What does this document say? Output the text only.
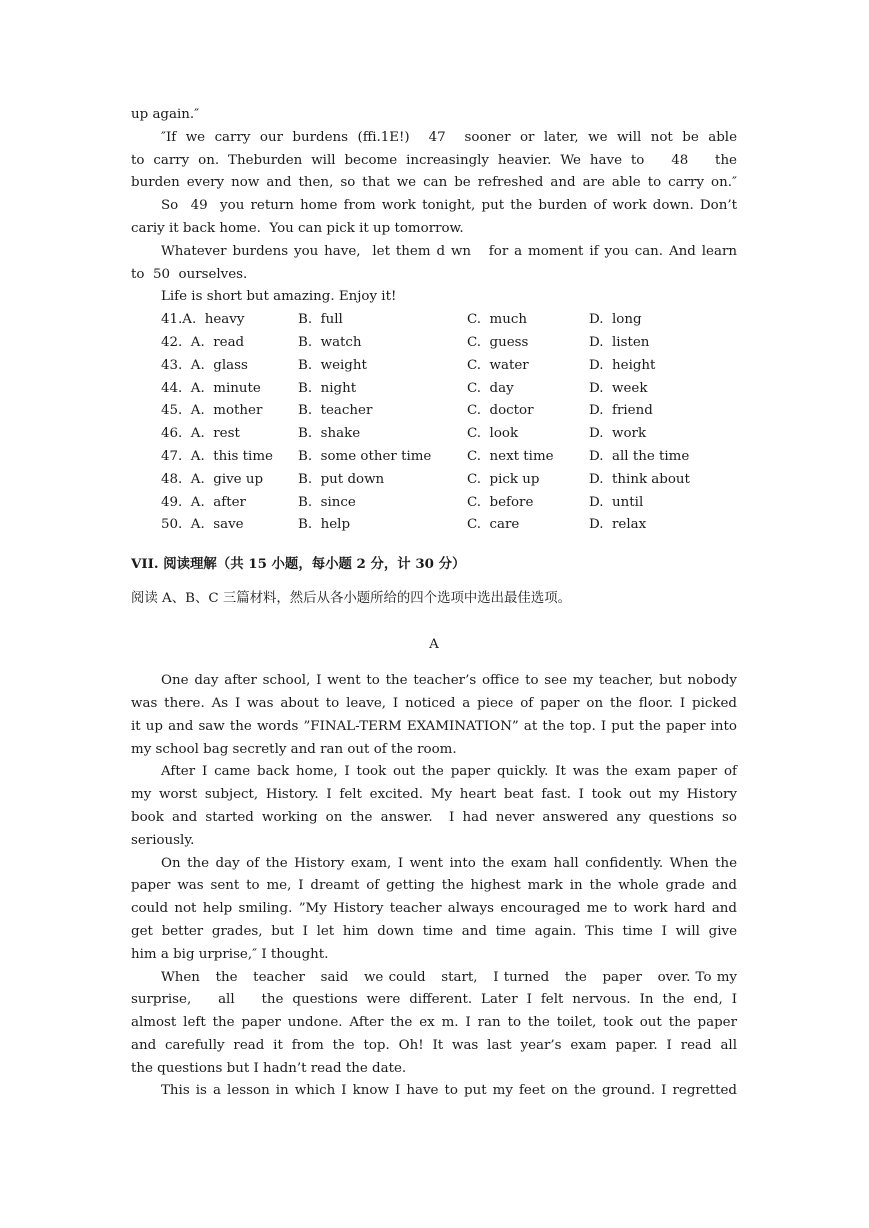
up again.″
″If we carry our burdens (ffi.1E!)  47  sooner or later, we will not be able
to carry on. Theburden will become increasingly heavier. We have to   48   the
burden every now and then, so that we can be refreshed and are able to carry on.″
So  49  you return home from work tonight, put the burden of work down. Don’t
cariy it back home.  You can pick it up tomorrow.
Whatever burdens you have,  let them d wn   for a moment if you can. And learn
to  50  ourselves.
Life is short but amazing. Enjoy it!
41.A.  heavy	B.  full	C.  much	D.  long
42.  A.  read	B.  watch	C.  guess	D.  listen
43.  A.  glass	B.  weight	C.  water	D.  height
44.  A.  minute	B.  night	C.  day	D.  week
45.  A.  mother	B.  teacher	C.  doctor	D.  friend
46.  A.  rest	B.  shake	C.  look	D.  work
47.  A.  this time B.  some other time	C.  next time	D.  all the time
48.  A.  give up	B.  put down	C.  pick up	D.  think about
49.  A.  after	B.  since	C.  before	D.  until
50.  A.  save	B.  help	C.  care	D.  relax
VII. 阅读理解（共 15 小题，每小题 2 分，计 30 分）
阅读 A、B、C 三篇材料，然后从各小题所给的四个选项中选出最佳选项。
A
One day after school, I went to the teacher’s office to see my teacher, but nobody
was there. As I was about to leave, I noticed a piece of paper on the floor. I picked
it up and saw the words ”FINAL-TERM EXAMINATION” at the top. I put the paper into
my school bag secretly and ran out of the room.
After I came back home, I took out the paper quickly. It was the exam paper of
my worst subject, History. I felt excited. My heart beat fast. I took out my History
book and started working on the answer.  I had never answered any questions so
seriously.
On the day of the History exam, I went into the exam hall confidently. When the
paper was sent to me, I dreamt of getting the highest mark in the whole grade and
could not help smiling. ”My History teacher always encouraged me to work hard and
get better grades, but I let him down time and time again. This time I will give
him a big urprise,″ I thought.
When   the   teacher   said   we could   start,   I turned   the   paper   over. To my
surprise,   all   the questions were different. Later I felt nervous. In the end, I
almost left the paper undone. After the ex m. I ran to the toilet, took out the paper
and carefully read it from the top. Oh! It was last year’s exam paper. I read all
the questions but I hadn’t read the date.
This is a lesson in which I know I have to put my feet on the ground. I regretted
